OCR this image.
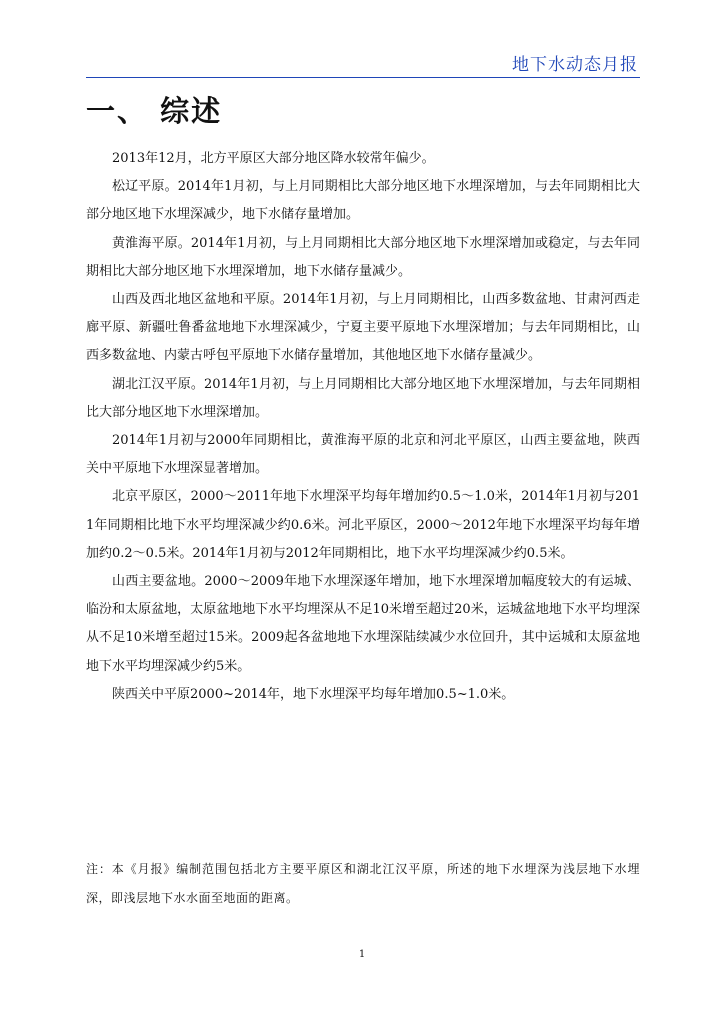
地下水动态月报
一、 综述

2013年12月，北方平原区大部分地区降水较常年偏少。

松辽平原。2014年1月初，与上月同期相比大部分地区地下水埋深增加，与去年同期相比大部分地区地下水埋深减少，地下水储存量增加。

黄淮海平原。2014年1月初，与上月同期相比大部分地区地下水埋深增加或稳定，与去年同期相比大部分地区地下水埋深增加，地下水储存量减少。

山西及西北地区盆地和平原。2014年1月初，与上月同期相比，山西多数盆地、甘肃河西走廊平原、新疆吐鲁番盆地地下水埋深减少，宁夏主要平原地下水埋深增加；与去年同期相比，山西多数盆地、内蒙古呼包平原地下水储存量增加，其他地区地下水储存量减少。

湖北江汉平原。2014年1月初，与上月同期相比大部分地区地下水埋深增加，与去年同期相比大部分地区地下水埋深增加。

2014年1月初与2000年同期相比，黄淮海平原的北京和河北平原区，山西主要盆地，陕西关中平原地下水埋深显著增加。

北京平原区，2000～2011年地下水埋深平均每年增加约0.5～1.0米，2014年1月初与2011年同期相比地下水平均埋深减少约0.6米。河北平原区，2000～2012年地下水埋深平均每年增加约0.2～0.5米。2014年1月初与2012年同期相比，地下水平均埋深减少约0.5米。

山西主要盆地。2000～2009年地下水埋深逐年增加，地下水埋深增加幅度较大的有运城、临汾和太原盆地，太原盆地地下水平均埋深从不足10米增至超过20米，运城盆地地下水平均埋深从不足10米增至超过15米。2009起各盆地地下水埋深陆续减少水位回升，其中运城和太原盆地地下水平均埋深减少约5米。

陕西关中平原2000~2014年，地下水埋深平均每年增加0.5~1.0米。

注：本《月报》编制范围包括北方主要平原区和湖北江汉平原，所述的地下水埋深为浅层地下水埋深，即浅层地下水水面至地面的距离。

1
